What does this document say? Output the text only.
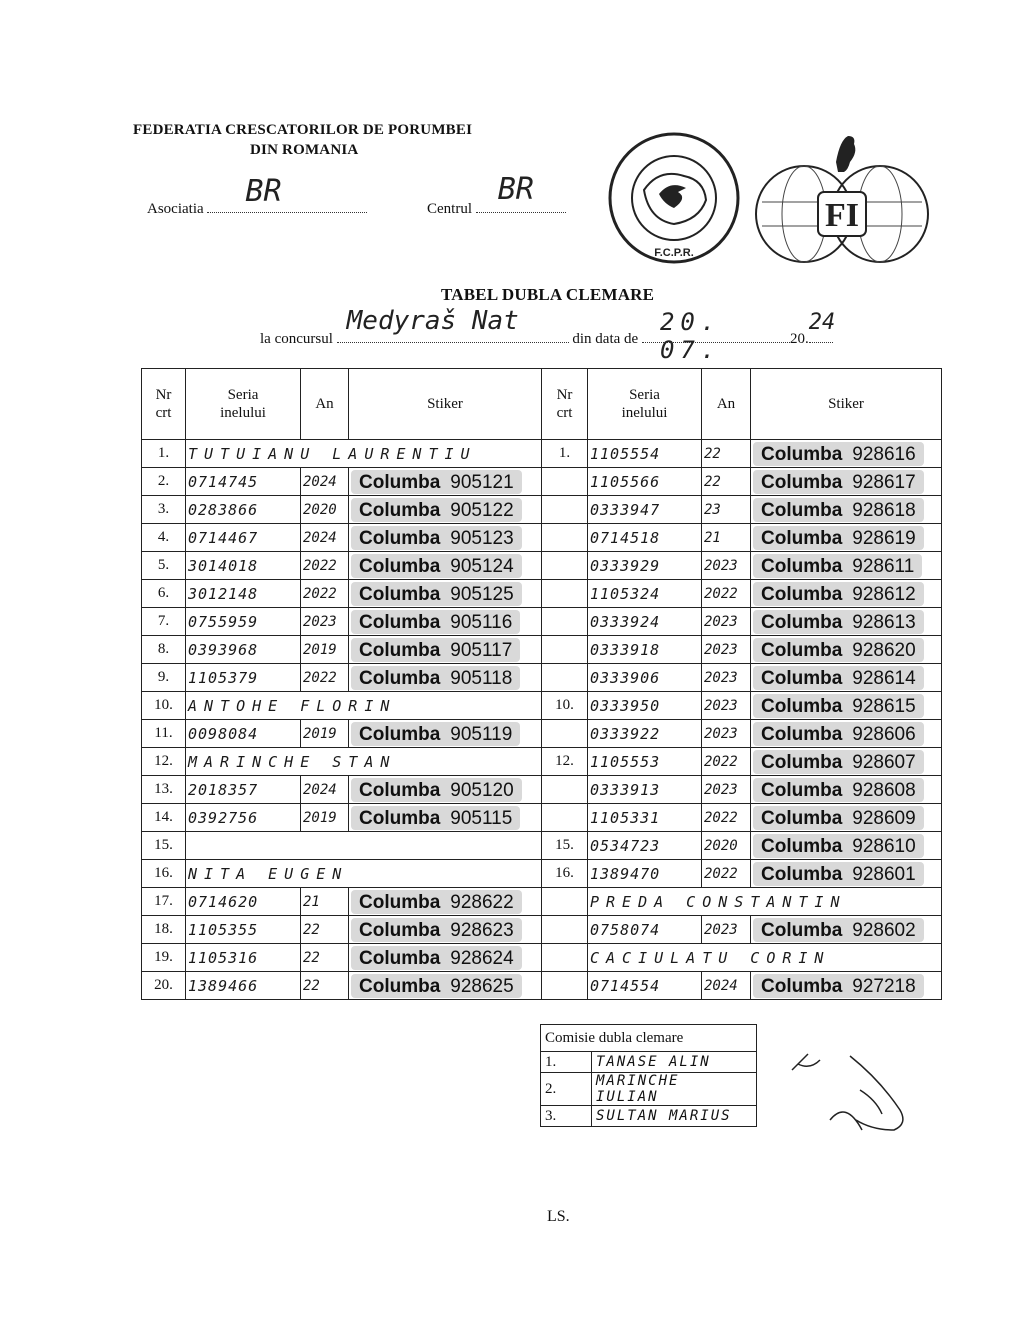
FEDERATIA CRESCATORILOR DE PORUMBEI
DIN ROMANIA
Asociatia BR	Centrul
BR
F.C.P.R.
FI
TABEL DUBLA CLEMARE
la concursul
Medyraš Nat
din data de
20. 07.	20.
24
Nr
crt	Seria
inelului	An	Stiker	Nr
crt	Seria
inelului	An	Stiker
1.	TUTUIANU LAURENTIU			1.	1105554	22	Columba 928616
2.	0714745	2024	Columba 905121		1105566	22	Columba 928617
3.	0283866	2020	Columba 905122		0333947	23	Columba 928618
4.	0714467	2024	Columba 905123		0714518	21	Columba 928619
5.	3014018	2022	Columba 905124		0333929	2023	Columba 928611
6.	3012148	2022	Columba 905125		1105324	2022	Columba 928612
7.	0755959	2023	Columba 905116		0333924	2023	Columba 928613
8.	0393968	2019	Columba 905117		0333918	2023	Columba 928620
9.	1105379	2022	Columba 905118		0333906	2023	Columba 928614
10.	ANTOHE FLORIN			10.	0333950	2023	Columba 928615
11.	0098084	2019	Columba 905119		0333922	2023	Columba 928606
12.	MARINCHE STAN			12.	1105553	2022	Columba 928607
13.	2018357	2024	Columba 905120		0333913	2023	Columba 928608
14.	0392756	2019	Columba 905115		1105331	2022	Columba 928609
15.				15.	0534723	2020	Columba 928610
16.	NITA EUGEN			16.	1389470	2022	Columba 928601
17.	0714620	21	Columba 928622		PREDA CONSTANTIN		
18.	1105355	22	Columba 928623		0758074	2023	Columba 928602
19.	1105316	22	Columba 928624		CACIULATU CORIN		
20.	1389466	22	Columba 928625		0714554	2024	Columba 927218
Comisie dubla clemare	
1.	TANASE ALIN
2.	MARINCHE IULIAN
3.	SULTAN MARIUS
LS.
